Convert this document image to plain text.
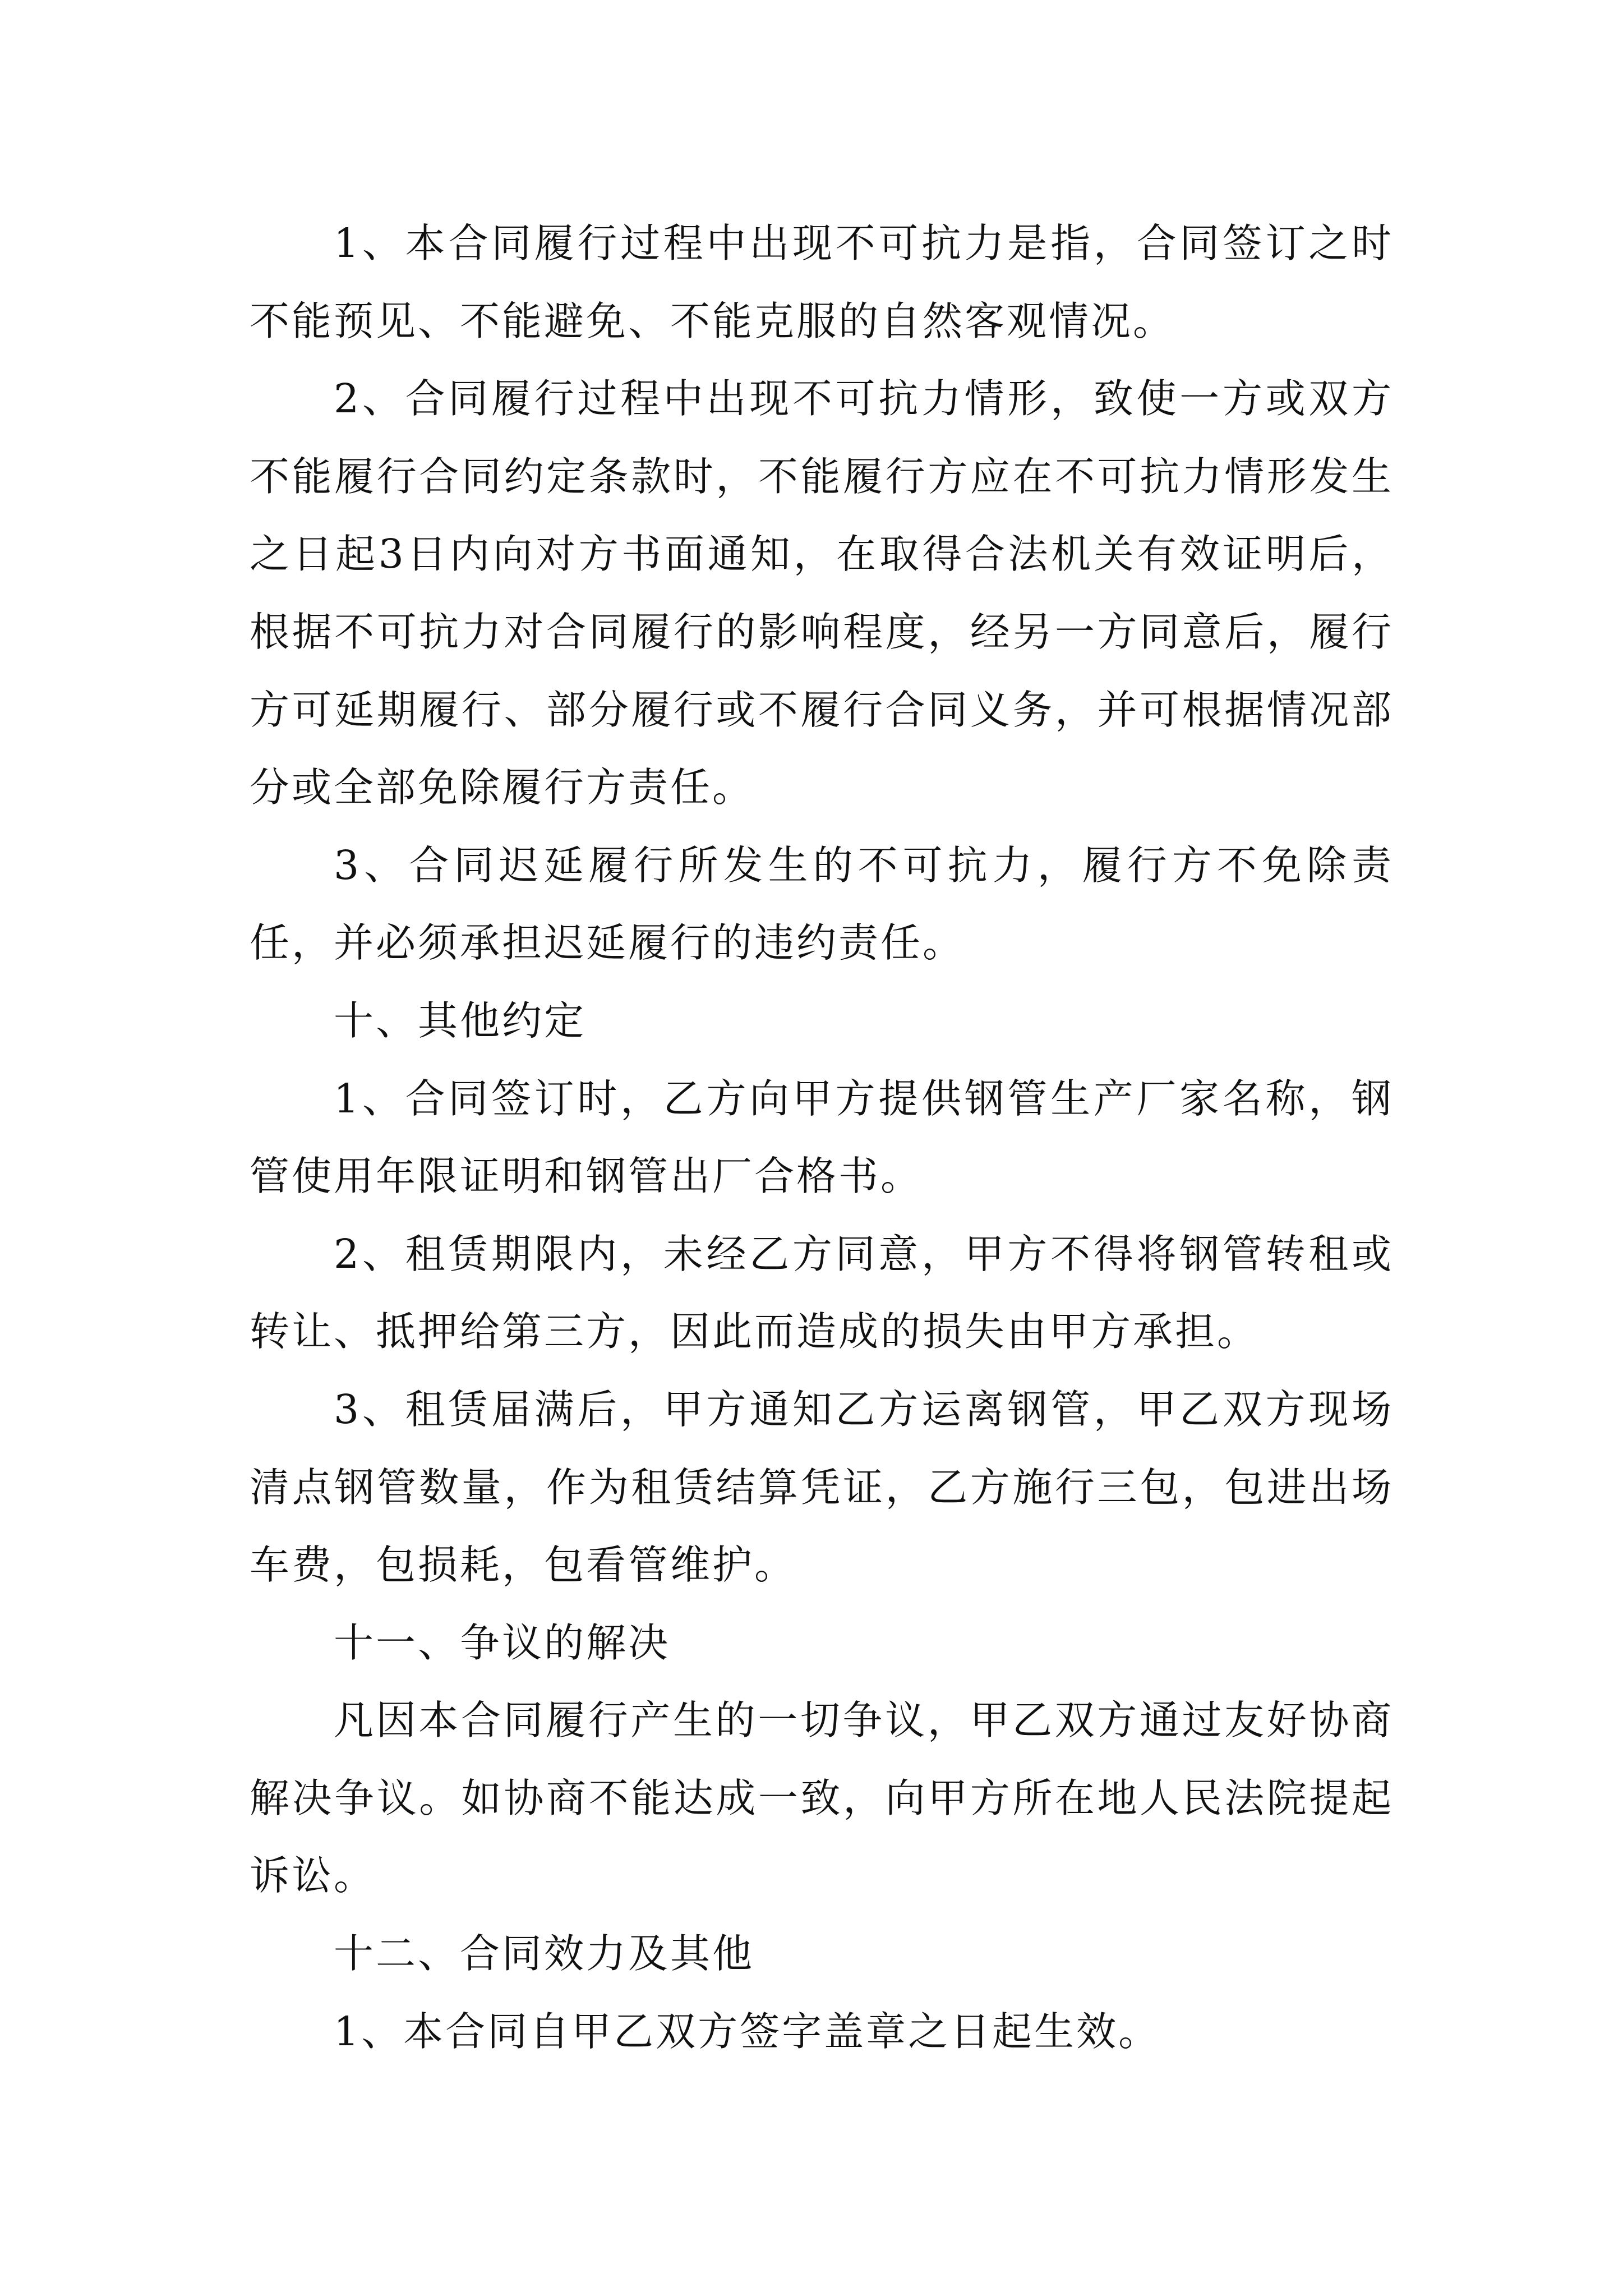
1、本合同履行过程中出现不可抗力是指，合同签订之时不能预见、不能避免、不能克服的自然客观情况。

2、合同履行过程中出现不可抗力情形，致使一方或双方不能履行合同约定条款时，不能履行方应在不可抗力情形发生之日起3日内向对方书面通知，在取得合法机关有效证明后，根据不可抗力对合同履行的影响程度，经另一方同意后，履行方可延期履行、部分履行或不履行合同义务，并可根据情况部分或全部免除履行方责任。

3、合同迟延履行所发生的不可抗力，履行方不免除责任，并必须承担迟延履行的违约责任。

十、其他约定

1、合同签订时，乙方向甲方提供钢管生产厂家名称，钢管使用年限证明和钢管出厂合格书。

2、租赁期限内，未经乙方同意，甲方不得将钢管转租或转让、抵押给第三方，因此而造成的损失由甲方承担。

3、租赁届满后，甲方通知乙方运离钢管，甲乙双方现场清点钢管数量，作为租赁结算凭证，乙方施行三包，包进出场车费，包损耗，包看管维护。

十一、争议的解决

凡因本合同履行产生的一切争议，甲乙双方通过友好协商解决争议。如协商不能达成一致，向甲方所在地人民法院提起诉讼。

十二、合同效力及其他

1、本合同自甲乙双方签字盖章之日起生效。
